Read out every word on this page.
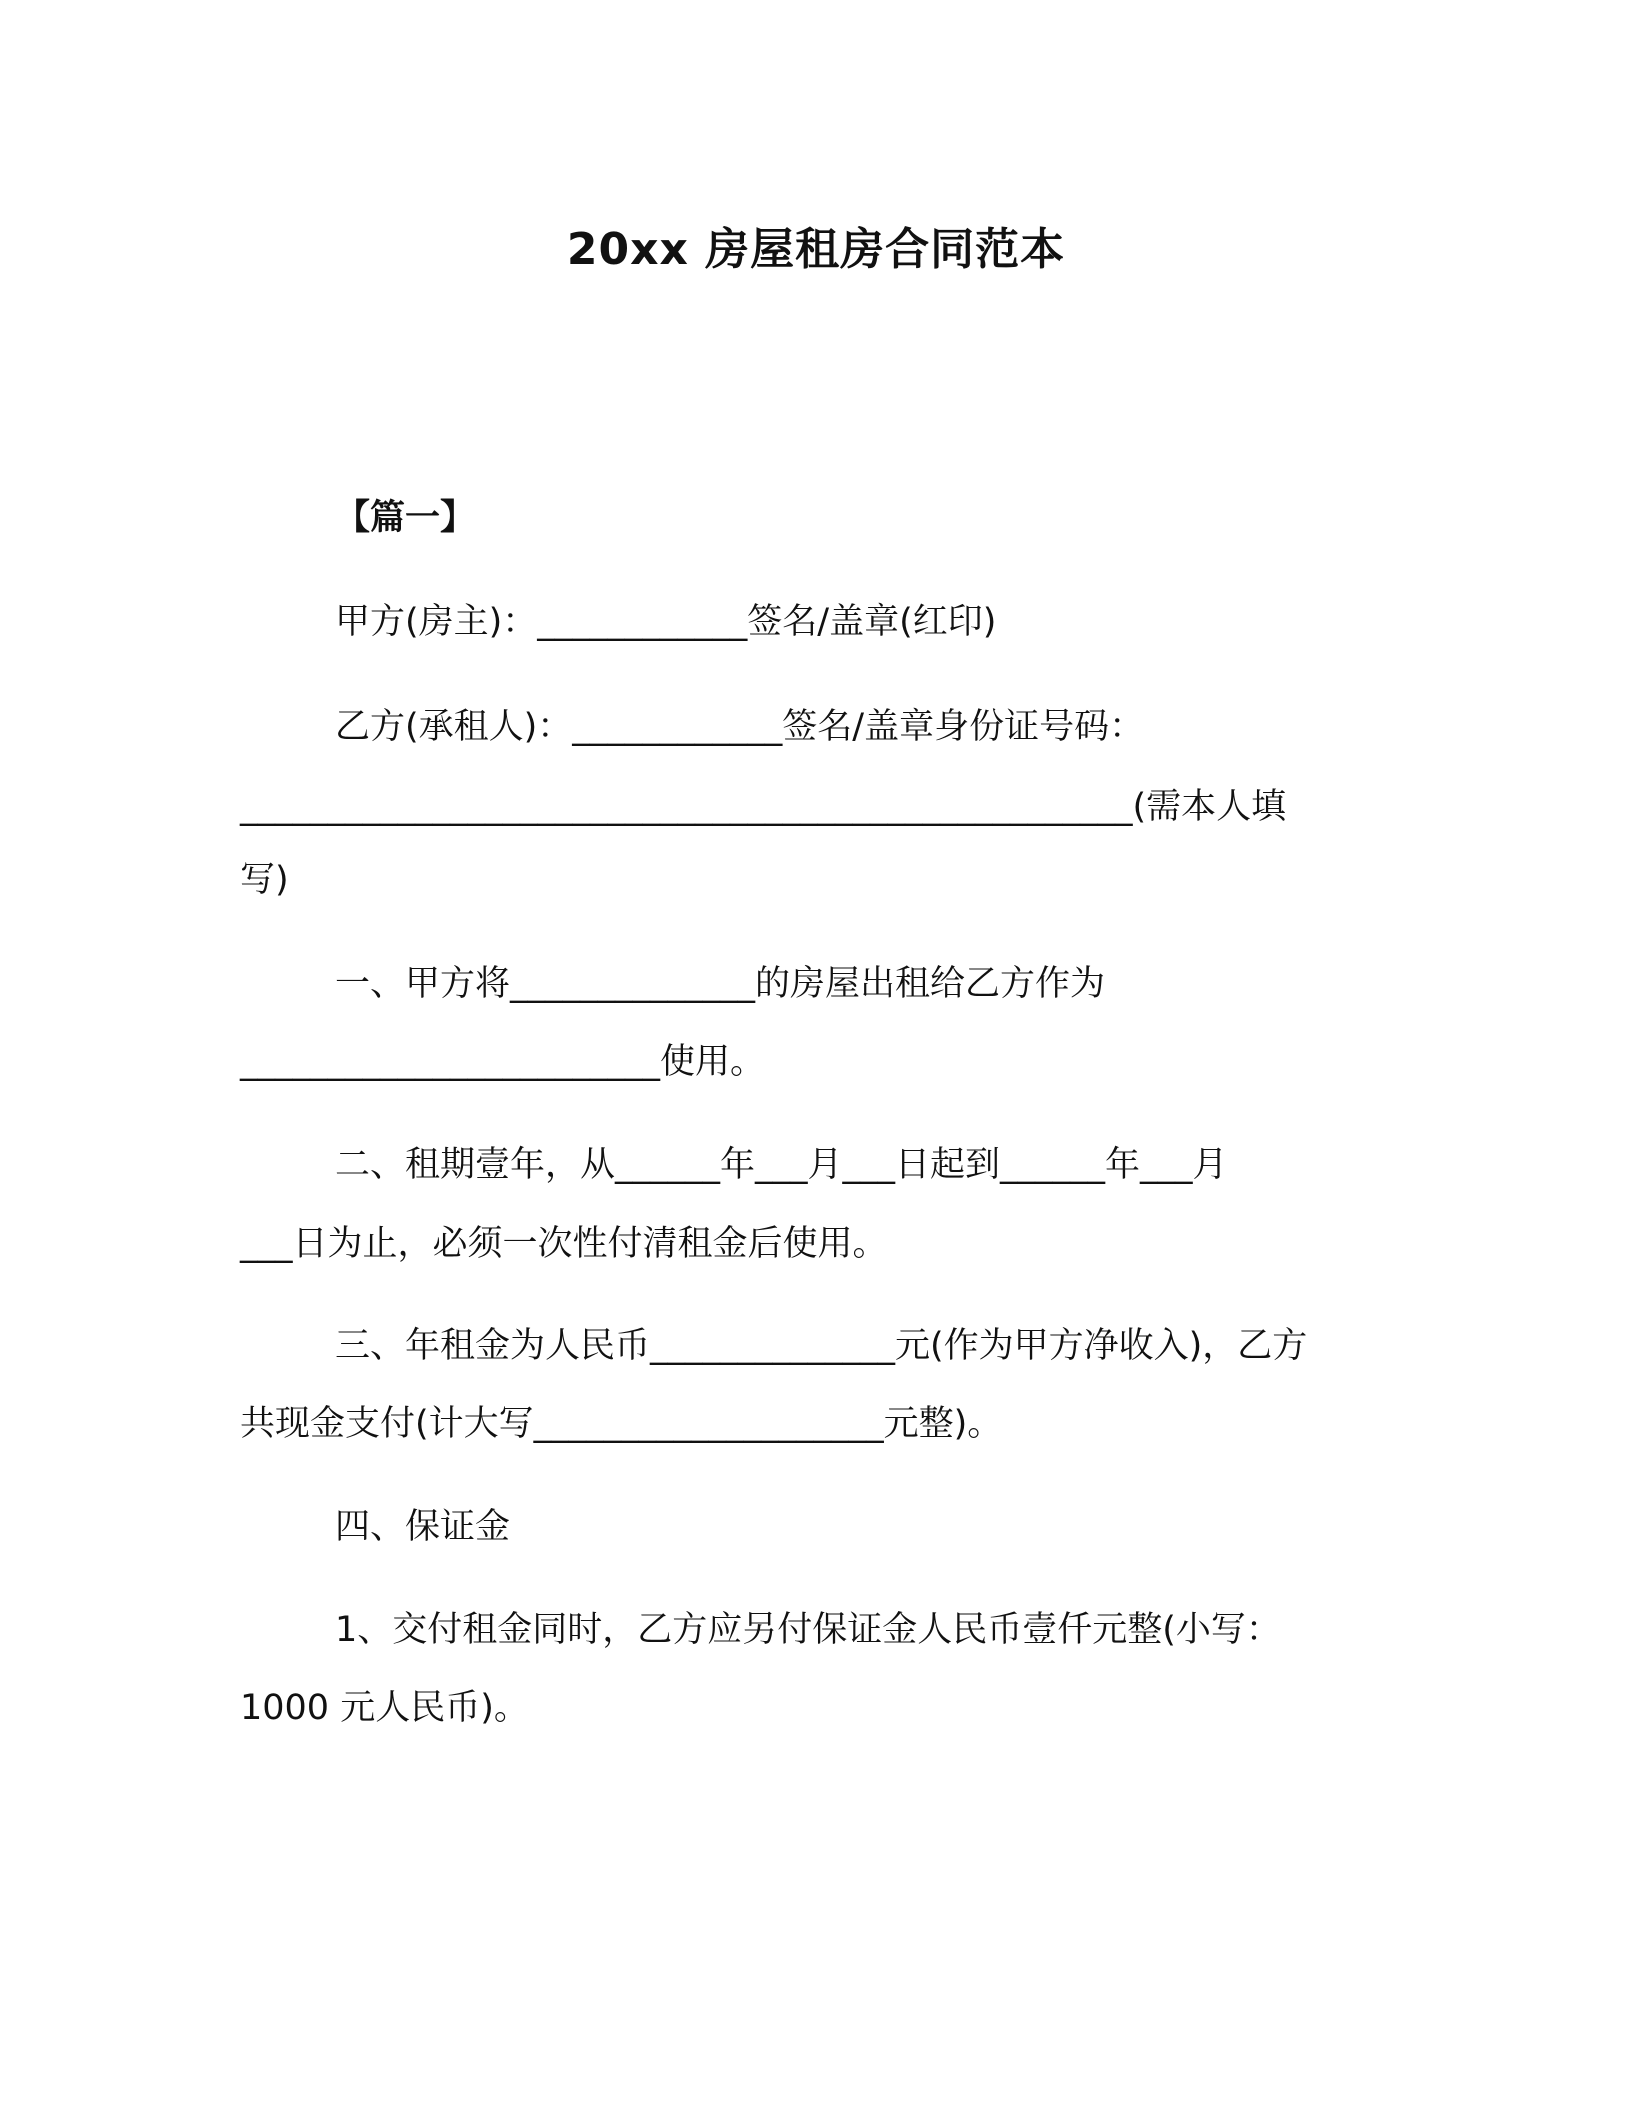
20xx 房屋租房合同范本
【篇一】
甲方(房主)：____________签名/盖章(红印)
乙方(承租人)：____________签名/盖章身份证号码：
___________________________________________________(需本人填
写)
一、甲方将______________的房屋出租给乙方作为
________________________使用。
二、租期壹年，从______年___月___日起到______年___月
___日为止，必须一次性付清租金后使用。
三、年租金为人民币______________元(作为甲方净收入)，乙方
共现金支付(计大写____________________元整)。
四、保证金
1、交付租金同时，乙方应另付保证金人民币壹仟元整(小写：
1000 元人民币)。
